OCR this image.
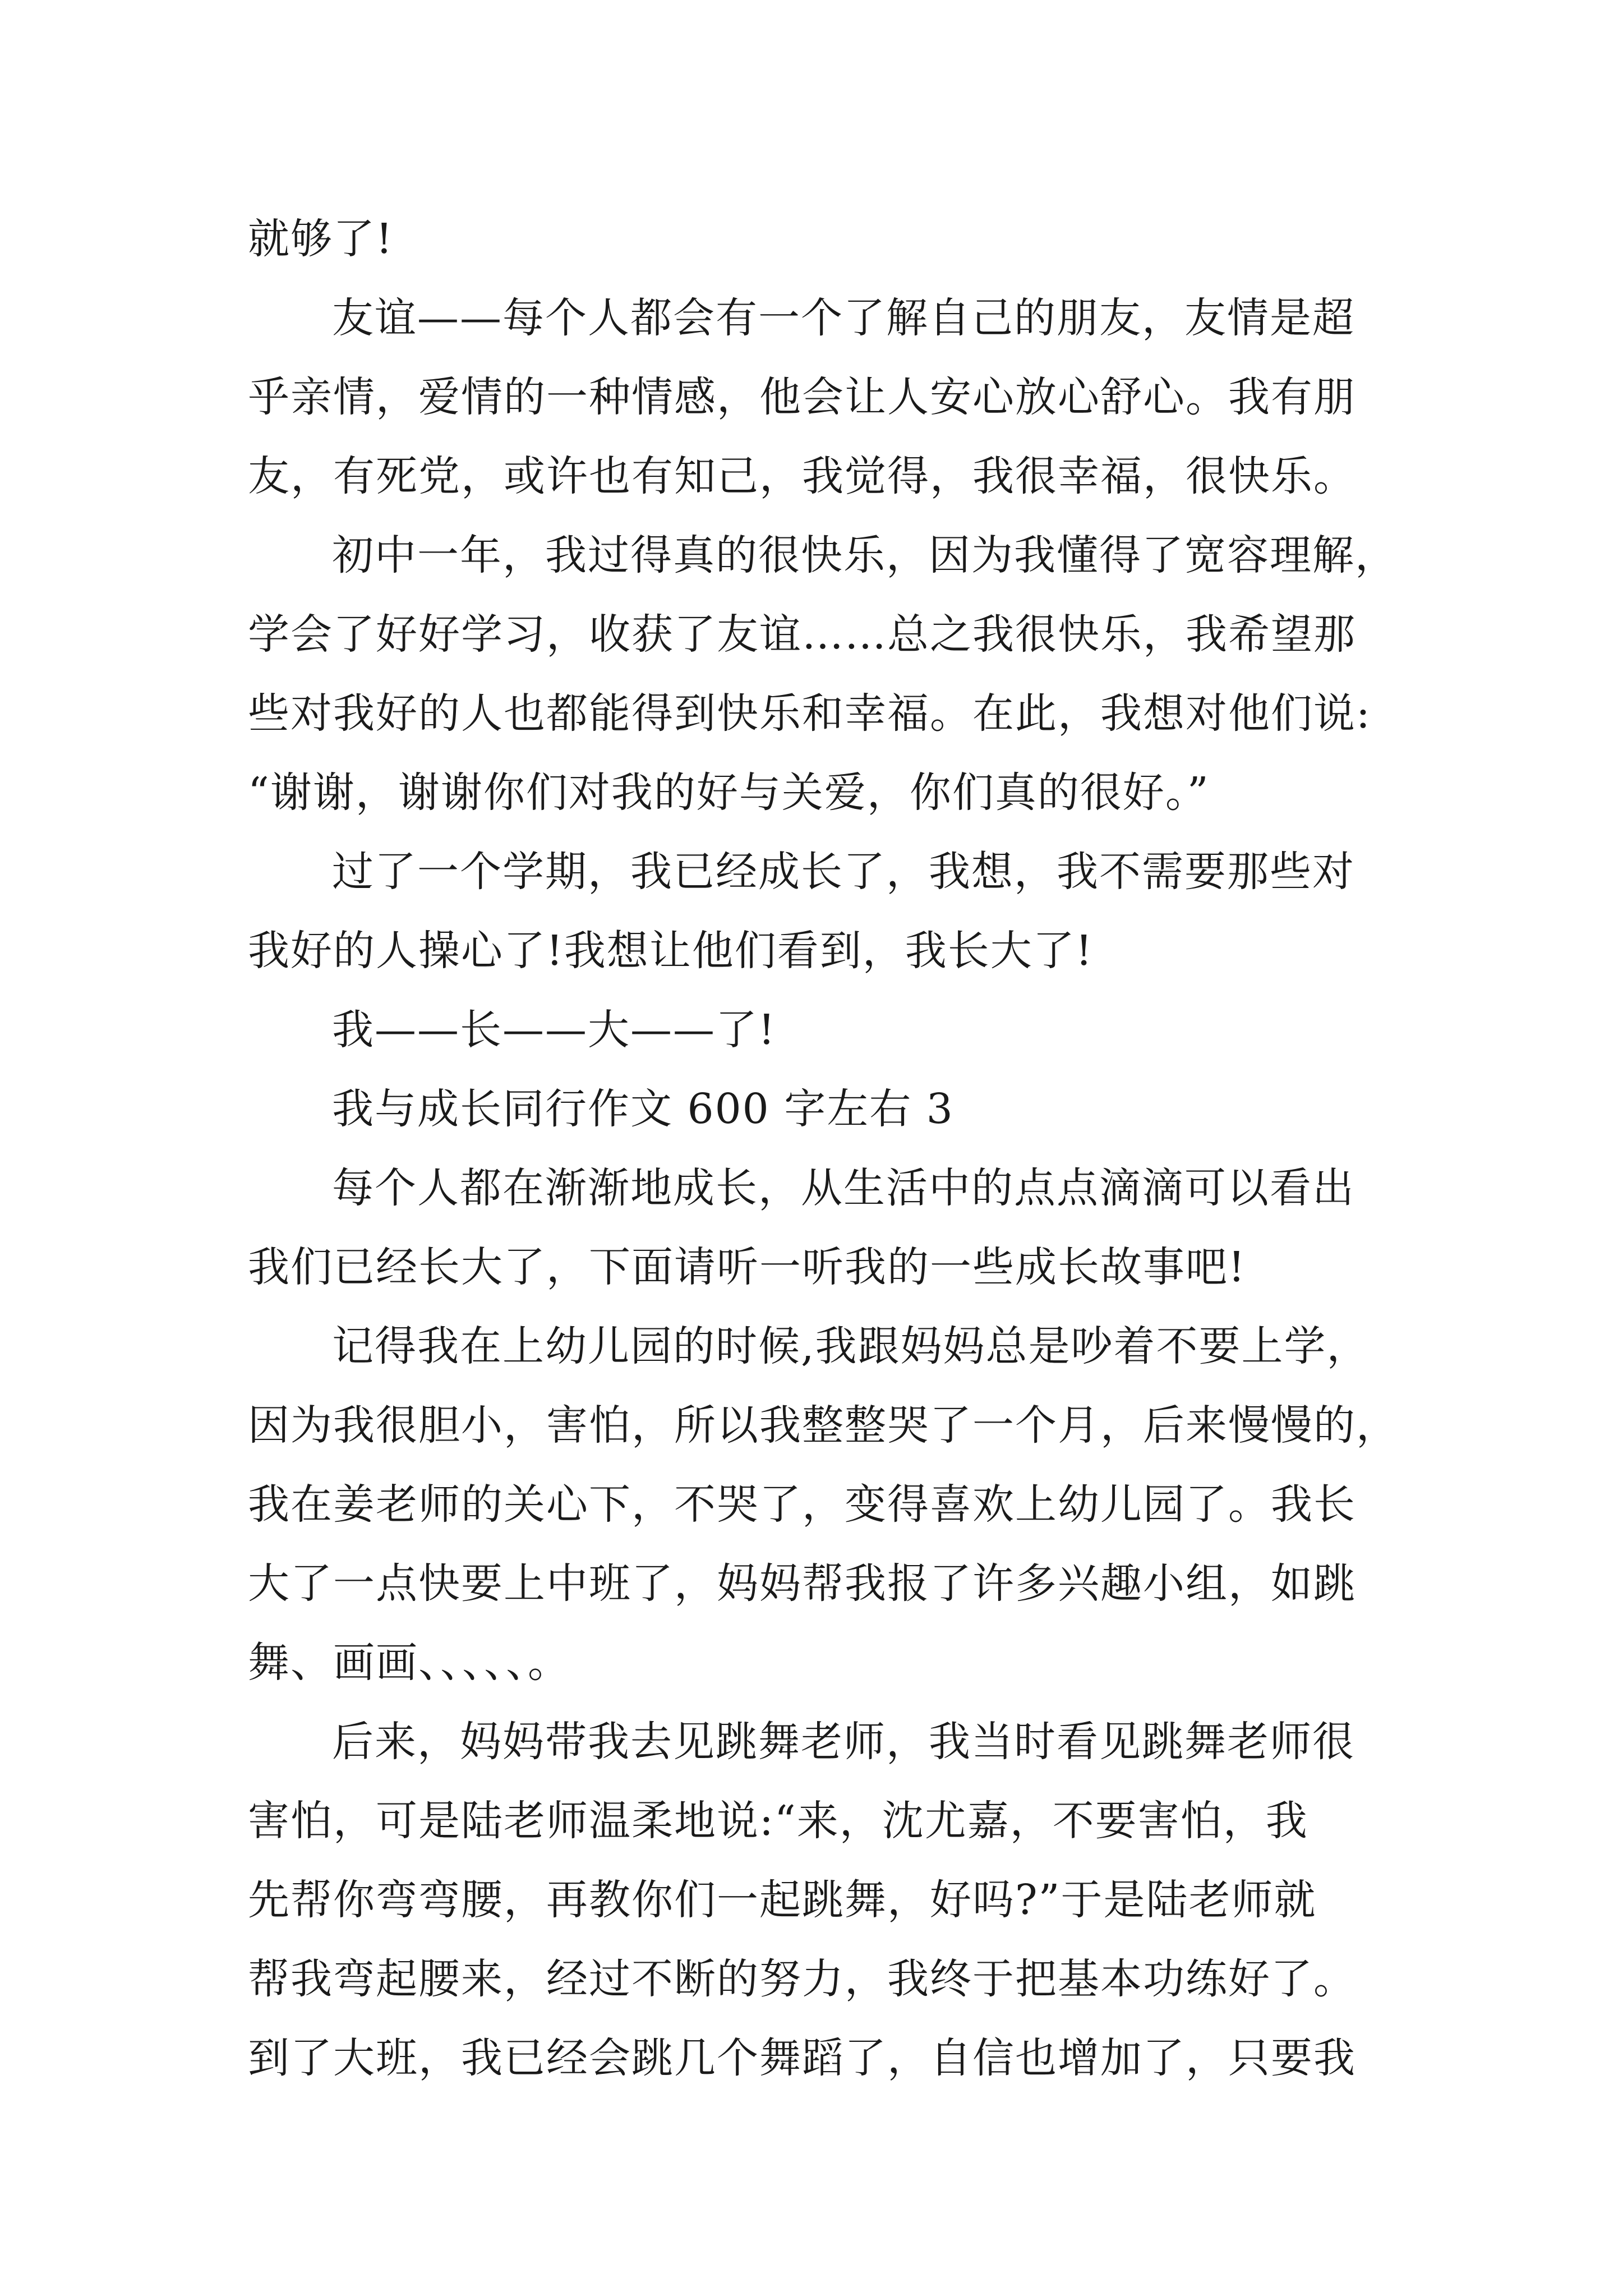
就够了!
友谊——每个人都会有一个了解自己的朋友，友情是超
乎亲情，爱情的一种情感，他会让人安心放心舒心。我有朋
友，有死党，或许也有知己，我觉得，我很幸福，很快乐。
初中一年，我过得真的很快乐，因为我懂得了宽容理解，
学会了好好学习，收获了友谊……总之我很快乐，我希望那
些对我好的人也都能得到快乐和幸福。在此，我想对他们说:
“谢谢，谢谢你们对我的好与关爱，你们真的很好。”
过了一个学期，我已经成长了，我想，我不需要那些对
我好的人操心了!我想让他们看到，我长大了!
我——长——大——了!
我与成长同行作文 600 字左右 3
每个人都在渐渐地成长，从生活中的点点滴滴可以看出
我们已经长大了，下面请听一听我的一些成长故事吧!
记得我在上幼儿园的时候,我跟妈妈总是吵着不要上学，
因为我很胆小，害怕，所以我整整哭了一个月，后来慢慢的，
我在姜老师的关心下，不哭了，变得喜欢上幼儿园了。我长
大了一点快要上中班了，妈妈帮我报了许多兴趣小组，如跳
舞、画画、、、、、。
后来，妈妈带我去见跳舞老师，我当时看见跳舞老师很
害怕，可是陆老师温柔地说:“来，沈尤嘉，不要害怕，我
先帮你弯弯腰，再教你们一起跳舞，好吗?”于是陆老师就
帮我弯起腰来，经过不断的努力，我终于把基本功练好了。
到了大班，我已经会跳几个舞蹈了，自信也增加了，只要我
